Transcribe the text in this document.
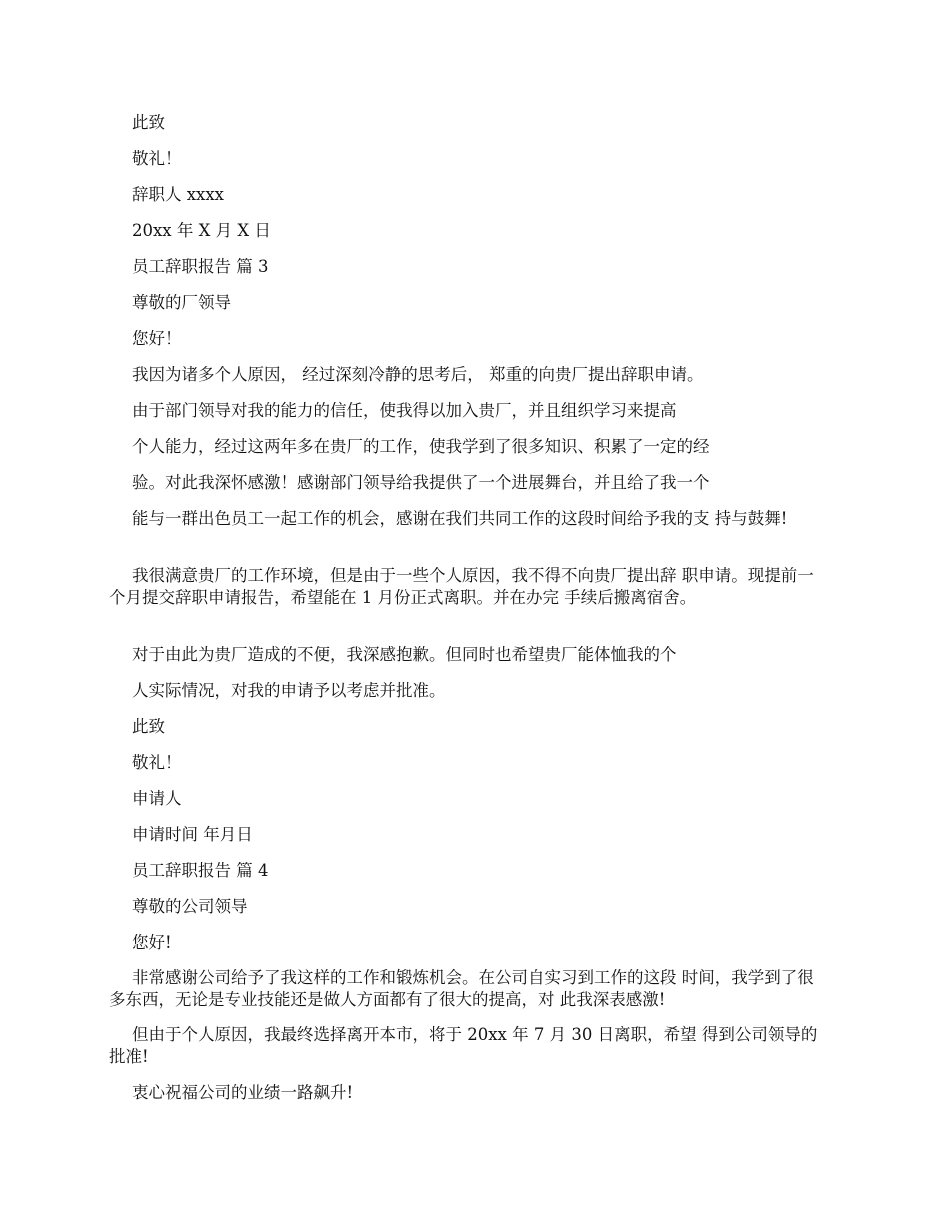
此致

敬礼！

辞职人 xxxx

20xx 年 X 月 X 日

员工辞职报告 篇 3

尊敬的厂领导

您好！

我因为诸多个人原因， 经过深刻冷静的思考后， 郑重的向贵厂提出辞职申请。

由于部门领导对我的能力的信任，使我得以加入贵厂，并且组织学习来提高

个人能力，经过这两年多在贵厂的工作，使我学到了很多知识、积累了一定的经

验。对此我深怀感激！感谢部门领导给我提供了一个进展舞台，并且给了我一个

能与一群出色员工一起工作的机会，感谢在我们共同工作的这段时间给予我的支 持与鼓舞!

我很满意贵厂的工作环境，但是由于一些个人原因，我不得不向贵厂提出辞 职申请。现提前一个月提交辞职申请报告，希望能在 1 月份正式离职。并在办完 手续后搬离宿舍。

对于由此为贵厂造成的不便，我深感抱歉。但同时也希望贵厂能体恤我的个

人实际情况，对我的申请予以考虑并批准。

此致

敬礼！

申请人

申请时间 年月日

员工辞职报告 篇 4

尊敬的公司领导

您好!

非常感谢公司给予了我这样的工作和锻炼机会。在公司自实习到工作的这段 时间，我学到了很多东西，无论是专业技能还是做人方面都有了很大的提高，对 此我深表感激!

但由于个人原因，我最终选择离开本市，将于 20xx 年 7 月 30 日离职，希望 得到公司领导的批准!

衷心祝福公司的业绩一路飙升!
